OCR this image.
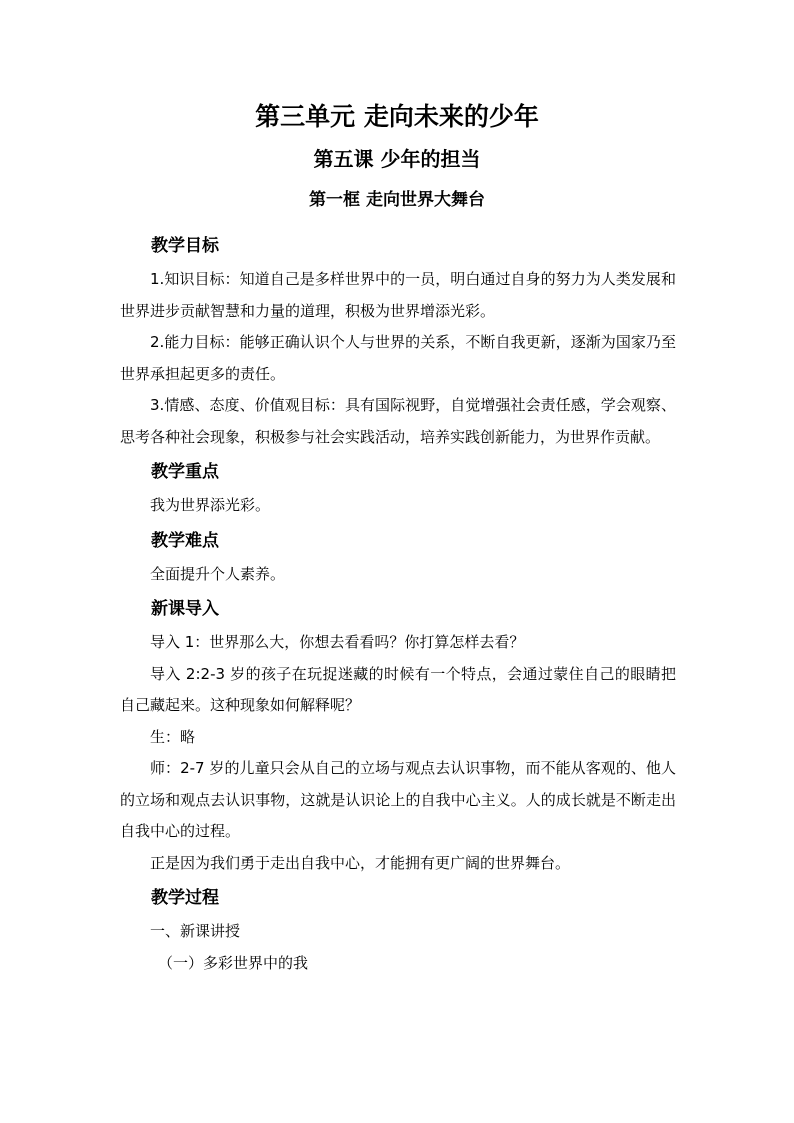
第三单元 走向未来的少年
第五课 少年的担当
第一框 走向世界大舞台
教学目标

1.知识目标：知道自己是多样世界中的一员，明白通过自身的努力为人类发展和世界进步贡献智慧和力量的道理，积极为世界增添光彩。

2.能力目标：能够正确认识个人与世界的关系，不断自我更新，逐渐为国家乃至世界承担起更多的责任。

3.情感、态度、价值观目标：具有国际视野，自觉增强社会责任感，学会观察、思考各种社会现象，积极参与社会实践活动，培养实践创新能力，为世界作贡献。

教学重点

我为世界添光彩。

教学难点

全面提升个人素养。

新课导入

导入 1：世界那么大，你想去看看吗？你打算怎样去看？

导入 2:2-3 岁的孩子在玩捉迷藏的时候有一个特点，会通过蒙住自己的眼睛把自己藏起来。这种现象如何解释呢？

生：略

师：2-7 岁的儿童只会从自己的立场与观点去认识事物，而不能从客观的、他人的立场和观点去认识事物，这就是认识论上的自我中心主义。人的成长就是不断走出自我中心的过程。

正是因为我们勇于走出自我中心，才能拥有更广阔的世界舞台。

教学过程

一、新课讲授

（一）多彩世界中的我
